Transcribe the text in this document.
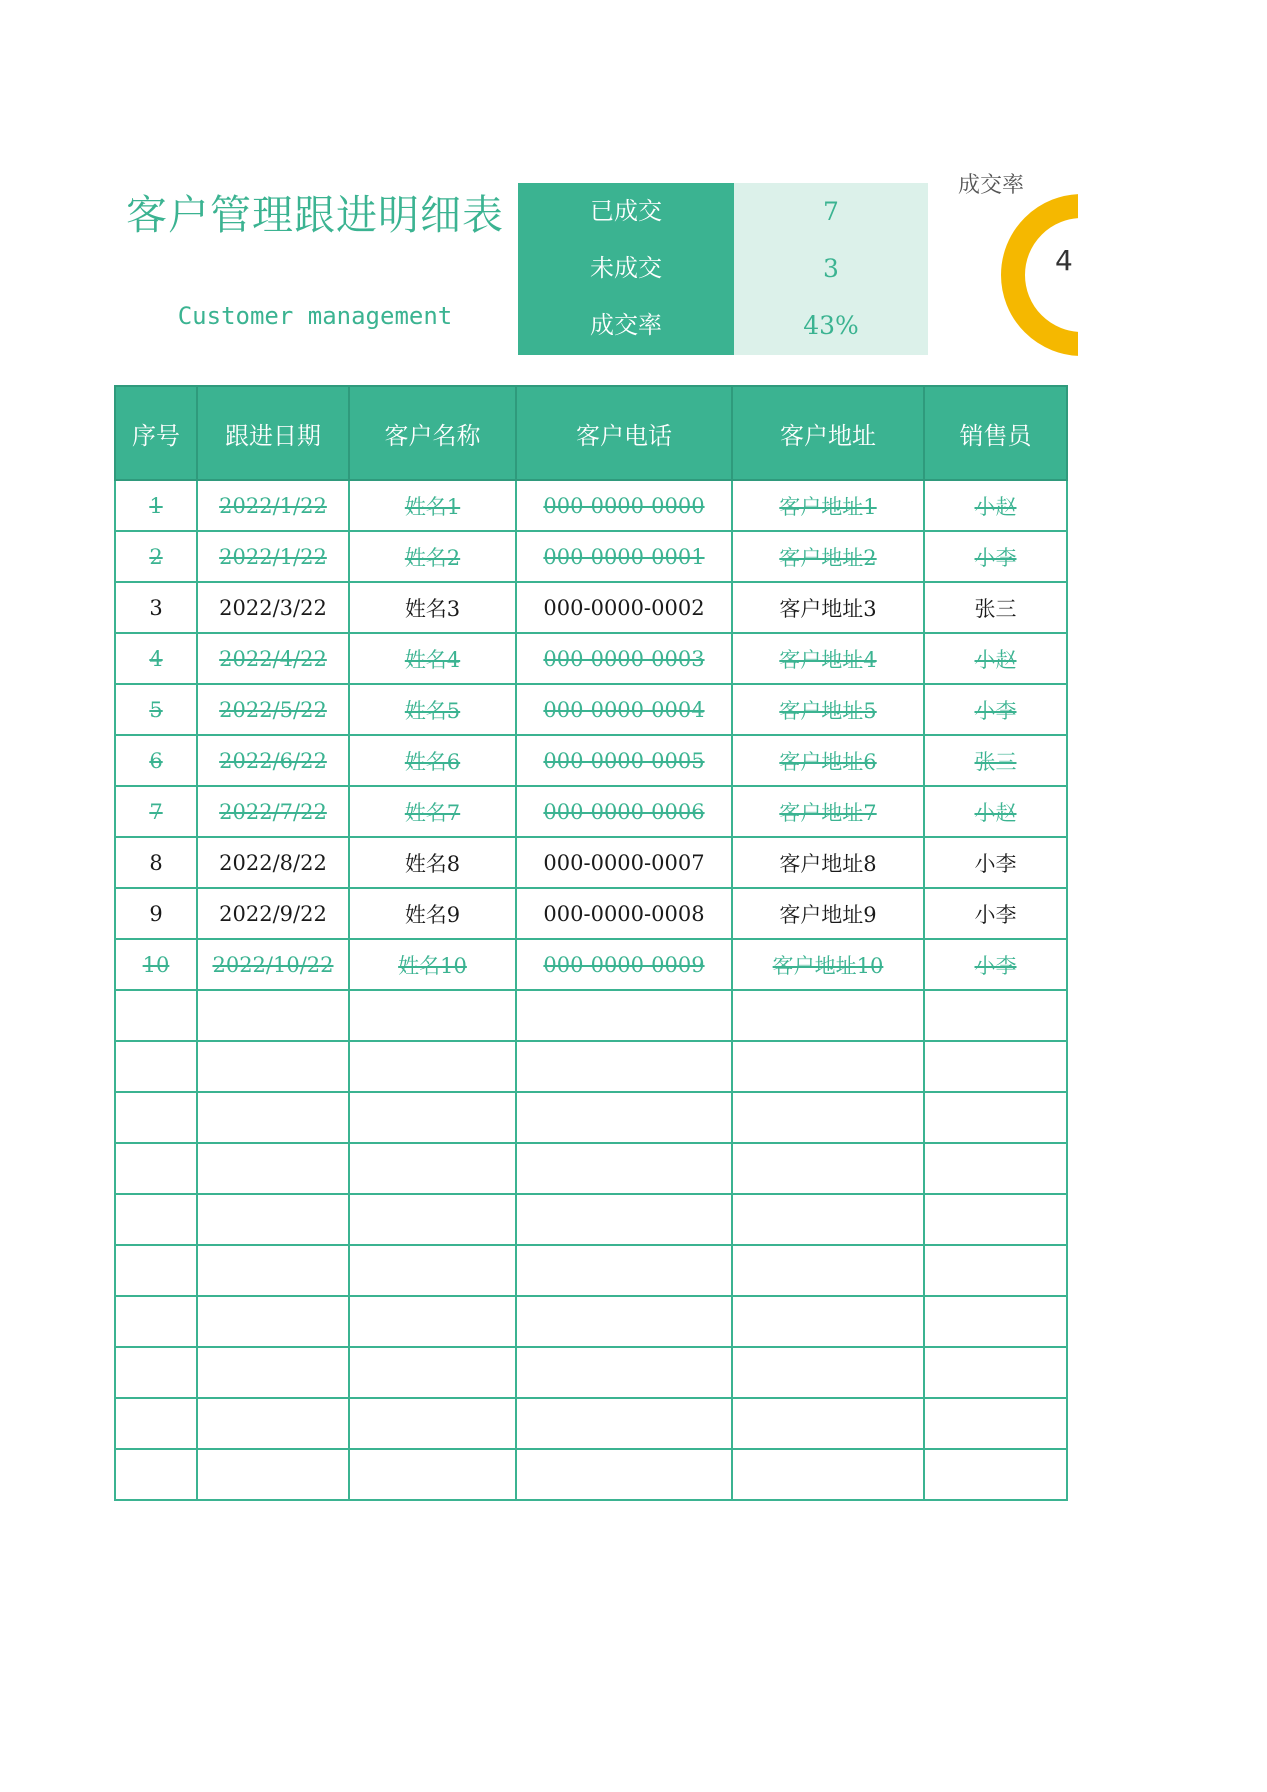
客户管理跟进明细表
Customer management
已成交	7
未成交	3
成交率	43%
成交率
4
序号	跟进日期	客户名称	客户电话	客户地址	销售员
1	2022/1/22	姓名1	000-0000-0000	客户地址1	小赵
2	2022/1/22	姓名2	000-0000-0001	客户地址2	小李
3	2022/3/22	姓名3	000-0000-0002	客户地址3	张三
4	2022/4/22	姓名4	000-0000-0003	客户地址4	小赵
5	2022/5/22	姓名5	000-0000-0004	客户地址5	小李
6	2022/6/22	姓名6	000-0000-0005	客户地址6	张三
7	2022/7/22	姓名7	000-0000-0006	客户地址7	小赵
8	2022/8/22	姓名8	000-0000-0007	客户地址8	小李
9	2022/9/22	姓名9	000-0000-0008	客户地址9	小李
10	2022/10/22	姓名10	000-0000-0009	客户地址10	小李
